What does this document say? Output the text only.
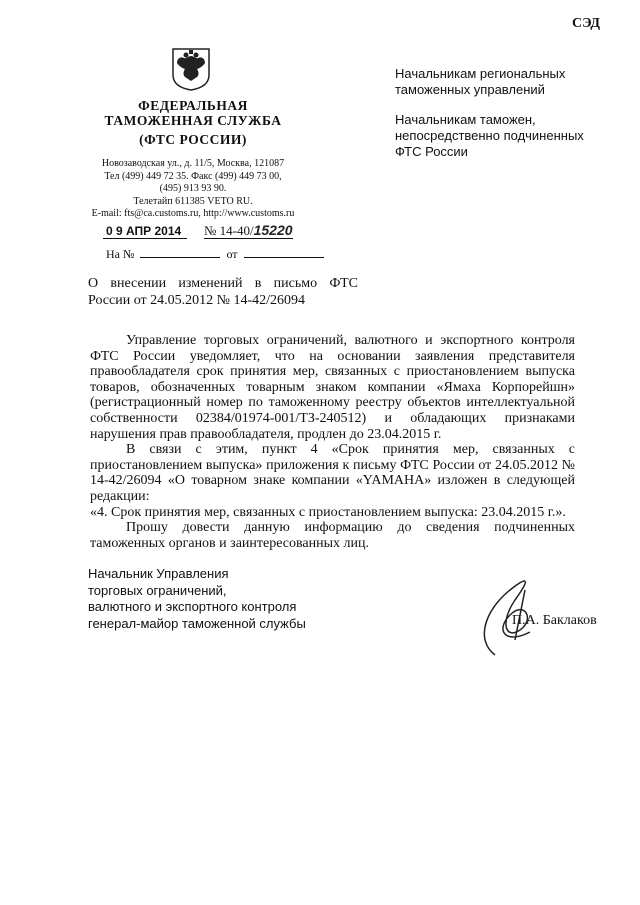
СЭД
ФЕДЕРАЛЬНАЯ
ТАМОЖЕННАЯ СЛУЖБА
(ФТС РОССИИ)
Новозаводская ул., д. 11/5, Москва, 121087
Тел (499) 449 72 35. Факс (499) 449 73 00,
(495) 913 93 90.
Телетайп 611385 VETO RU.
E-mail: fts@ca.customs.ru, http://www.customs.ru
0 9 АПР 2014	№ 14-40/15220
На №	от

Начальникам региональных
таможенных управлений

Начальникам таможен,
непосредственно подчиненных
ФТС России

О внесении изменений в письмо ФТС России от 24.05.2012 № 14-42/26094

Управление торговых ограничений, валютного и экспортного контроля ФТС России уведомляет, что на основании заявления представителя правообладателя срок принятия мер, связанных с приостановлением выпуска товаров, обозначенных товарным знаком компании «Ямаха Корпорейшн» (регистрационный номер по таможенному реестру объектов интеллектуальной собственности 02384/01974-001/ТЗ-240512) и обладающих признаками нарушения прав правообладателя, продлен до 23.04.2015 г.

В связи с этим, пункт 4 «Срок принятия мер, связанных с приостановлением выпуска» приложения к письму ФТС России от 24.05.2012 № 14-42/26094 «О товарном знаке компании «YAMAHA» изложен в следующей редакции:

«4. Срок принятия мер, связанных с приостановлением выпуска: 23.04.2015 г.».

Прошу довести данную информацию до сведения подчиненных таможенных органов и заинтересованных лиц.

Начальник Управления
торговых ограничений,
валютного и экспортного контроля
генерал-майор таможенной службы	П.А. Баклаков
